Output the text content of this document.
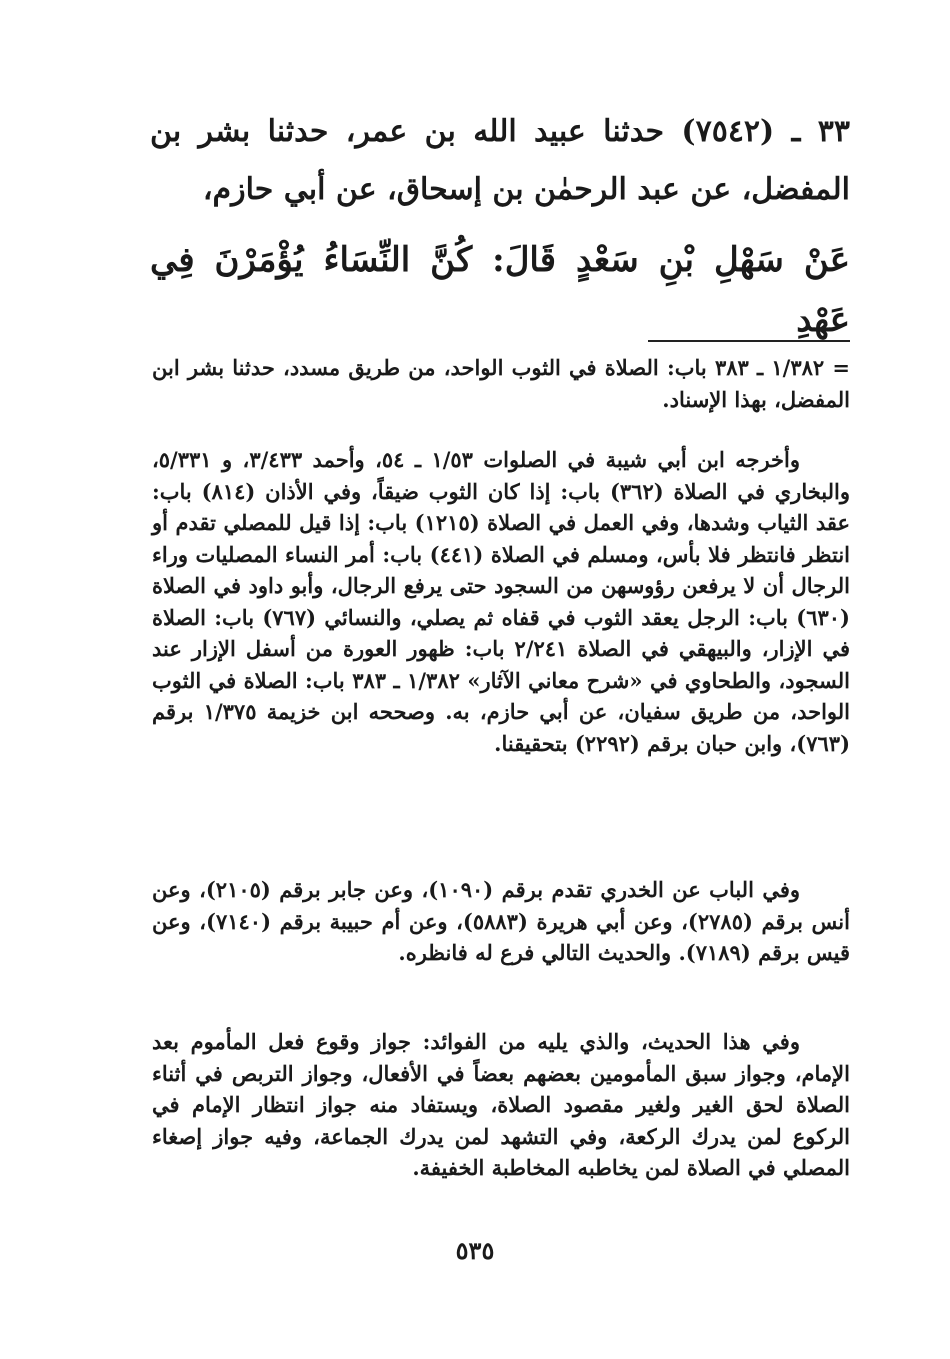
٣٣ ـ (٧٥٤٢) حدثنا عبيد الله بن عمر، حدثنا بشر بن المفضل، عن عبد الرحمٰن بن إسحاق، عن أبي حازم،
عَنْ سَهْلِ بْنِ سَعْدٍ قَالَ: كُنَّ النِّسَاءُ يُؤْمَرْنَ فِي عَهْدِ

= ١/٣٨٢ ـ ٣٨٣ باب: الصلاة في الثوب الواحد، من طريق مسدد، حدثنا بشر ابن المفضل، بهذا الإسناد.

وأخرجه ابن أبي شيبة في الصلوات ١/٥٣ ـ ٥٤، وأحمد ٣/٤٣٣، و ٥/٣٣١، والبخاري في الصلاة (٣٦٢) باب: إذا كان الثوب ضيقاً، وفي الأذان (٨١٤) باب: عقد الثياب وشدها، وفي العمل في الصلاة (١٢١٥) باب: إذا قيل للمصلي تقدم أو انتظر فانتظر فلا بأس، ومسلم في الصلاة (٤٤١) باب: أمر النساء المصليات وراء الرجال أن لا يرفعن رؤوسهن من السجود حتى يرفع الرجال، وأبو داود في الصلاة (٦٣٠) باب: الرجل يعقد الثوب في قفاه ثم يصلي، والنسائي (٧٦٧) باب: الصلاة في الإزار، والبيهقي في الصلاة ٢/٢٤١ باب: ظهور العورة من أسفل الإزار عند السجود، والطحاوي في «شرح معاني الآثار» ١/٣٨٢ ـ ٣٨٣ باب: الصلاة في الثوب الواحد، من طريق سفيان، عن أبي حازم، به. وصححه ابن خزيمة ١/٣٧٥ برقم (٧٦٣)، وابن حبان برقم (٢٢٩٢) بتحقيقنا.

وفي الباب عن الخدري تقدم برقم (١٠٩٠)، وعن جابر برقم (٢١٠٥)، وعن أنس برقم (٢٧٨٥)، وعن أبي هريرة (٥٨٨٣)، وعن أم حبيبة برقم (٧١٤٠)، وعن قيس برقم (٧١٨٩). والحديث التالي فرع له فانظره.

وفي هذا الحديث، والذي يليه من الفوائد: جواز وقوع فعل المأموم بعد الإمام، وجواز سبق المأمومين بعضهم بعضاً في الأفعال، وجواز التربص في أثناء الصلاة لحق الغير ولغير مقصود الصلاة، ويستفاد منه جواز انتظار الإمام في الركوع لمن يدرك الركعة، وفي التشهد لمن يدرك الجماعة، وفيه جواز إصغاء المصلي في الصلاة لمن يخاطبه المخاطبة الخفيفة.

٥٣٥
